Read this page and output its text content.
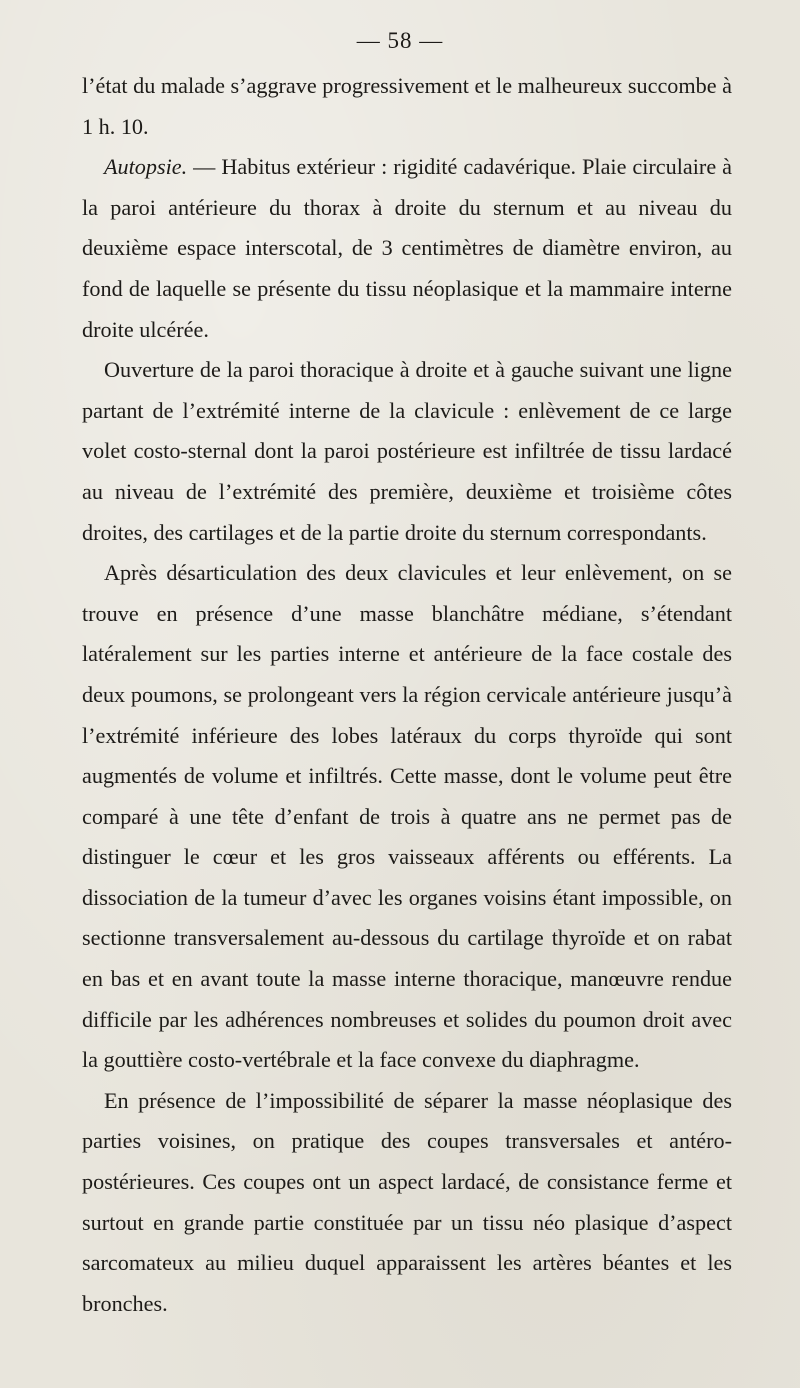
— 58 —

l’état du malade s’aggrave progressivement et le malheureux succombe à 1 h. 10.

Autopsie. — Habitus extérieur : rigidité cadavérique. Plaie circulaire à la paroi antérieure du thorax à droite du sternum et au niveau du deuxième espace interscotal, de 3 centimètres de diamètre environ, au fond de laquelle se présente du tissu néoplasique et la mammaire interne droite ulcérée.

Ouverture de la paroi thoracique à droite et à gauche suivant une ligne partant de l’extrémité interne de la clavicule : enlèvement de ce large volet costo-sternal dont la paroi postérieure est infiltrée de tissu lardacé au niveau de l’extrémité des première, deuxième et troisième côtes droites, des cartilages et de la partie droite du sternum correspondants.

Après désarticulation des deux clavicules et leur enlèvement, on se trouve en présence d’une masse blanchâtre médiane, s’étendant latéralement sur les parties interne et antérieure de la face costale des deux poumons, se prolongeant vers la région cervicale antérieure jusqu’à l’extrémité inférieure des lobes latéraux du corps thyroïde qui sont augmentés de volume et infiltrés. Cette masse, dont le volume peut être comparé à une tête d’enfant de trois à quatre ans ne permet pas de distinguer le cœur et les gros vaisseaux afférents ou efférents. La dissociation de la tumeur d’avec les organes voisins étant impossible, on sectionne transversalement au-dessous du cartilage thyroïde et on rabat en bas et en avant toute la masse interne thoracique, manœuvre rendue difficile par les adhérences nombreuses et solides du poumon droit avec la gouttière costo-vertébrale et la face convexe du diaphragme.

En présence de l’impossibilité de séparer la masse néoplasique des parties voisines, on pratique des coupes transversales et antéro-postérieures. Ces coupes ont un aspect lardacé, de consistance ferme et surtout en grande partie constituée par un tissu néo plasique d’aspect sarcomateux au milieu duquel apparaissent les artères béantes et les bronches.
